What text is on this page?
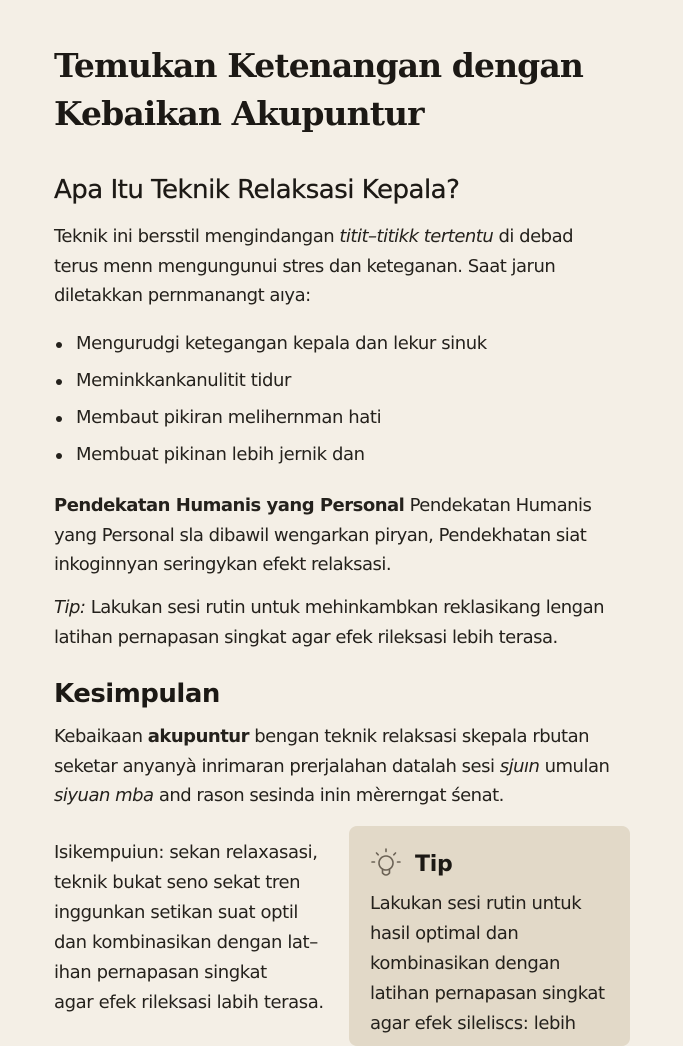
Temukan Ketenangan dengan
Kebaikan Akupuntur
Apa Itu Teknik Relaksasi Kepala?

Teknik ini bersstil mengindangan titit–titikk tertentu di debad
terus menn mengungunui stres dan keteganan. Saat jarun
diletakkan pernmanangt aıya:

Mengurudgi ketegangan kepala dan lekur sinuk
Meminkkankanulitit tidur
Membaut pikiran melihernman hati
Membuat pikinan lebih jernik dan

Pendekatan Humanis yang Personal Pendekatan Humanis
yang Personal sla dibawil wengarkan piryan, Pendekhatan siat
inkoginnyan seringykan efekt relaksasi.

Tip: Lakukan sesi rutin untuk mehinkambkan reklasikang lengan
latihan pernapasan singkat agar efek rileksasi lebih terasa.

Kesimpulan

Kebaikaan akupuntur bengan teknik relaksasi skepala rbutan
seketar anyanyà inrimaran prerjalahan datalah sesi sjuın umulan
siyuan mba and rason sesinda inin mèrerngat śenat.

Isikempuiun: sekan relaxasasi,
teknik bukat seno sekat tren
inggunkan setikan suat optil
dan kombinasikan dengan lat–
ihan pernapasan singkat
agar efek rileksasi labih terasa.
Tip
Lakukan sesi rutin untuk
hasil optimal dan
kombinasikan dengan
latihan pernapasan singkat
agar efek sileliscs: lebih
